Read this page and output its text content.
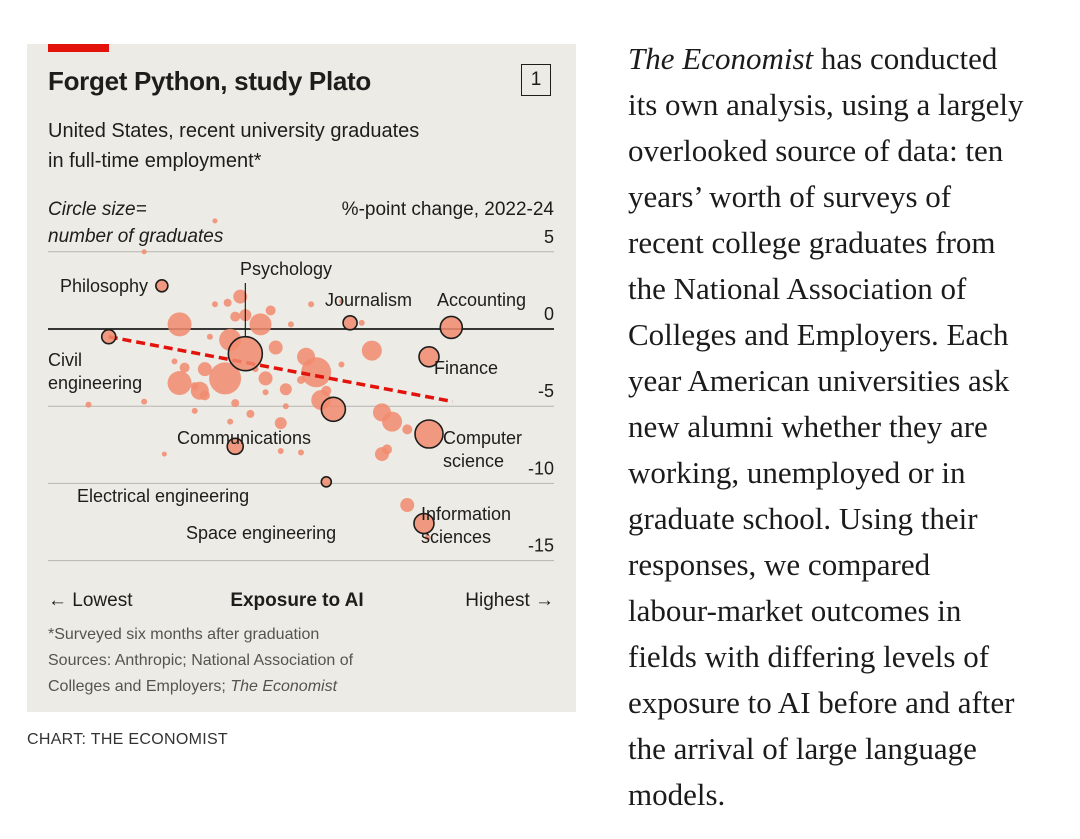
Forget Python, study Plato	1
United States, recent university graduates
in full-time employment*
Circle size=
number of graduates
%-point change, 2022-24
5
0
-5
-10
-15
Philosophy
Psychology
Journalism Accounting
Civil
engineering
Finance
Communications	Computer
science
Electrical engineering
Space engineering
Information
sciences
← Lowest	Exposure to AI	Highest →
*Surveyed six months after graduation
Sources: Anthropic; National Association of
Colleges and Employers; The Economist
CHART: THE ECONOMIST
The Economist has conducted
its own analysis, using a largely
overlooked source of data: ten
years’ worth of surveys of
recent college graduates from
the National Association of
Colleges and Employers. Each
year American universities ask
new alumni whether they are
working, unemployed or in
graduate school. Using their
responses, we compared
labour-market outcomes in
fields with differing levels of
exposure to AI before and after
the arrival of large language
models.
